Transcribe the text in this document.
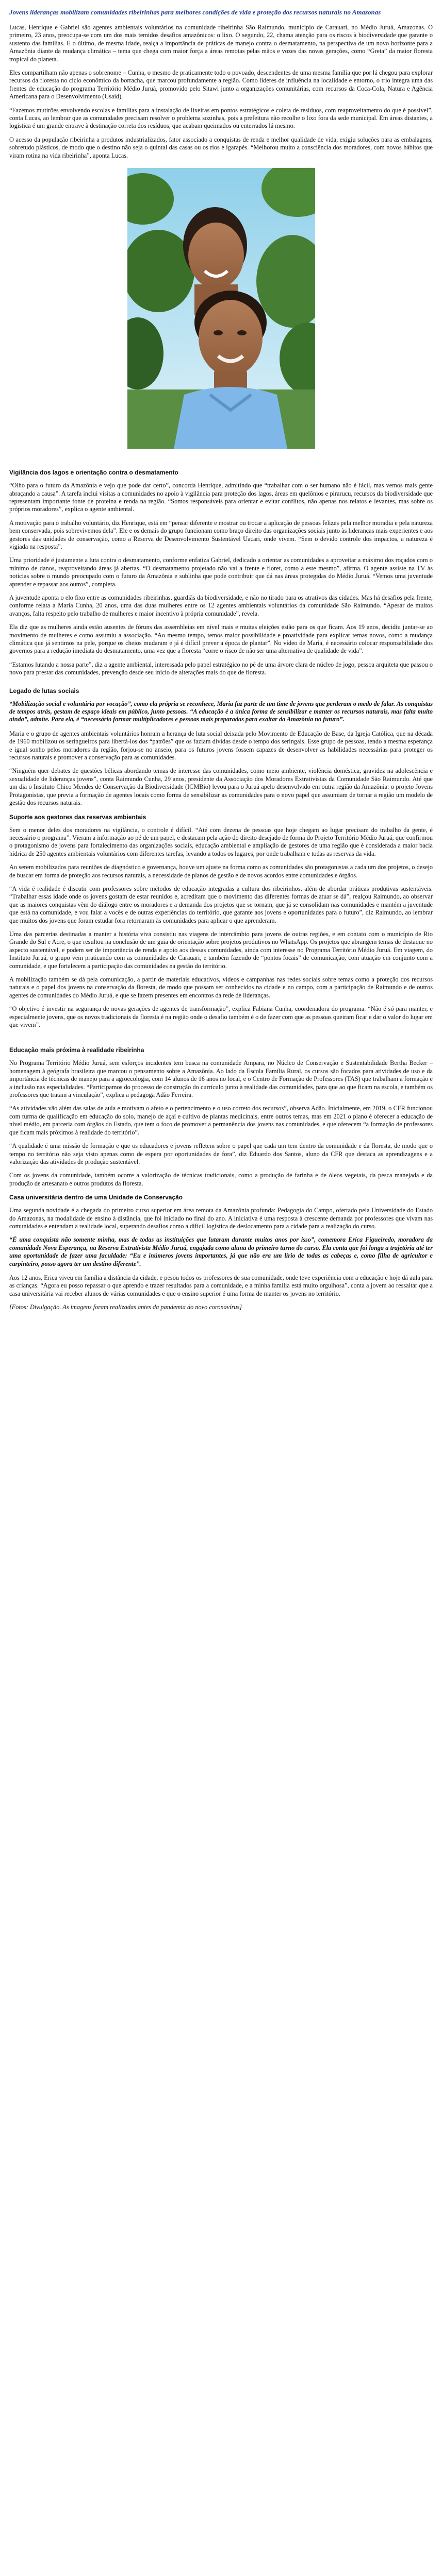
Jovens lideranças mobilizam comunidades ribeirinhas para melhores condições de vida e proteção dos recursos naturais no Amazonas

Lucas, Henrique e Gabriel são agentes ambientais voluntários na comunidade ribeirinha São Raimundo, município de Carauari, no Médio Juruá, Amazonas. O primeiro, 23 anos, preocupa-se com um dos mais temidos desafios amazônicos: o lixo. O segundo, 22, chama atenção para os riscos à biodiversidade que garante o sustento das famílias. E o último, de mesma idade, realça a importância de práticas de manejo contra o desmatamento, na perspectiva de um novo horizonte para a Amazônia diante da mudança climática – tema que chega com maior força a áreas remotas pelas mãos e vozes das novas gerações, como “Greta” da maior floresta tropical do planeta.

Eles compartilham não apenas o sobrenome – Cunha, o mesmo de praticamente todo o povoado, descendentes de uma mesma família que por lá chegou para explorar recursos da floresta no ciclo econômico da borracha, que marcou profundamente a região. Como líderes de influência na localidade e entorno, o trio integra uma das frentes de educação do programa Território Médio Juruá, promovido pelo Sitawi junto a organizações comunitárias, com recursos da Coca-Cola, Natura e Agência Americana para o Desenvolvimento (Usaid).

“Fazemos mutirões envolvendo escolas e famílias para a instalação de lixeiras em pontos estratégicos e coleta de resíduos, com reaproveitamento do que é possível”, conta Lucas, ao lembrar que as comunidades precisam resolver o problema sozinhas, pois a prefeitura não recolhe o lixo fora da sede municipal. Em áreas distantes, a logística é um grande entrave à destinação correta dos resíduos, que acabam queimados ou enterrados lá mesmo.

O acesso da população ribeirinha a produtos industrializados, fator associado a conquistas de renda e melhor qualidade de vida, exigiu soluções para as embalagens, sobretudo plásticos, de modo que o destino não seja o quintal das casas ou os rios e igarapés. “Melhorou muito a consciência dos moradores, com novos hábitos que viram rotina na vida ribeirinha”, aponta Lucas.

Vigilância dos lagos e orientação contra o desmatamento

“Olho para o futuro da Amazônia e vejo que pode dar certo”, concorda Henrique, admitindo que “trabalhar com o ser humano não é fácil, mas vemos mais gente abraçando a causa”. A tarefa inclui visitas a comunidades no apoio à vigilância para proteção dos lagos, áreas em quelônios e pirarucu, recursos da biodiversidade que representam importante fonte de proteína e renda na região. “Somos responsáveis para orientar e evitar conflitos, não apenas nos relatos e levantes, mas sobre os próprios moradores”, explica o agente ambiental.

A motivação para o trabalho voluntário, diz Henrique, está em “pensar diferente e mostrar ou trocar a aplicação de pessoas felizes pela melhor moradia e pela natureza bem conservada, pois sobrevivemos dela”. Ele e os demais do grupo funcionam como braço direito das organizações sociais junto às lideranças mais experientes e aos gestores das unidades de conservação, como a Reserva de Desenvolvimento Sustentável Uacari, onde vivem. “Sem o devido controle dos impactos, a natureza é vigiada na resposta”.

Uma prioridade é justamente a luta contra o desmatamento, conforme enfatiza Gabriel, dedicado a orientar as comunidades a aproveitar a máximo dos roçados com o mínimo de danos, reaproveitando áreas já abertas. “O desmatamento projetado não vai a frente e floret, como a este mesmo”, afirma. O agente assiste na TV às notícias sobre o mundo preocupado com o futuro da Amazônia e sublinha que pode contribuir que dá nas áreas protegidas do Médio Juruá. “Vemos uma juventude aprender e repassar aos outros”, completa.

A juventude aponta o elo fixo entre as comunidades ribeirinhas, guardiãs da biodiversidade, e não no tirado para os atrativos das cidades. Mas há desafios pela frente, conforme relata a Maria Cunha, 20 anos, uma das duas mulheres entre os 12 agentes ambientais voluntários da comunidade São Raimundo. “Apesar de muitos avanços, falta respeito pelo trabalho de mulheres e maior incentivo à própria comunidade”, revela.

Ela diz que as mulheres ainda estão ausentes de fóruns das assembleias em nível mais e muitas eleições estão para os que ficam. Aos 19 anos, decidiu juntar-se ao movimento de mulheres e como assumiu a associação. “Ao mesmo tempo, temos maior possibilidade e proatividade para explicar temas novos, como a mudança climática que já sentimos na pele, porque os cheios mudaram e já é difícil prever a época de plantar”. No vídeo de Maria, é necessário colocar responsabilidade dos governos para a redução imediata do desmatamento, uma vez que a floresta “corre o risco de não ser uma alternativa de qualidade de vida”.

“Estamos lutando a nossa parte”, diz a agente ambiental, interessada pelo papel estratégico no pé de uma árvore clara de núcleo de jogo, pessoa arquiteta que passou o novo para prestar das comunidades, prevenção desde seu início de alterações mais do que de floresta.

Legado de lutas sociais

“Mobilização social e voluntária por vocação”, como ela própria se reconhece, Maria faz parte de um time de jovens que perderam o medo de falar. As conquistas de tempos atrás, gestam de espaço ideais em público, junto pessoas. “A educação é a única forma de sensibilizar e manter os recursos naturais, mas falta muito ainda”, admite. Para ela, é “necessário formar multiplicadores e pessoas mais preparadas para exaltar da Amazônia no futuro”.

Maria e o grupo de agentes ambientais voluntários honram a herança de luta social deixada pelo Movimento de Educação de Base, da Igreja Católica, que na década de 1960 mobilizou os seringueiros para libertá-los dos “patrões” que os faziam dívidas desde o tempo dos seringais. Esse grupo de pessoas, tendo a mesma esperança e igual sonho pelos moradores da região, forjou-se no anseio, para os futuros jovens fossem capazes de desenvolver as habilidades necessárias para proteger os recursos naturais e promover a conservação para as comunidades.

“Ninguém quer debates de questões bélicas abordando temas de interesse das comunidades, como meio ambiente, violência doméstica, gravidez na adolescência e sexualidade de lideranças jovens”, conta Raimundo Cunha, 29 anos, presidente da Associação dos Moradores Extrativistas da Comunidade São Raimundo. Até que um dia o Instituto Chico Mendes de Conservação da Biodiversidade (ICMBio) levou para o Juruá apelo desenvolvido em outra região da Amazônia: o projeto Jovens Protagonistas, que previa a formação de agentes locais como forma de sensibilizar as comunidades para o novo papel que assumiam de tornar a região um modelo de gestão dos recursos naturais.

Suporte aos gestores das reservas ambientais

Sem o menor deles dos moradores na vigilância, o controle é difícil. “Até com dezena de pessoas que hoje chegam ao lugar precisam do trabalho da gente, é necessário o programa”. Vieram a informação ao pé de um papel, e destacam pela ação do direito desejado de forma do Projeto Território Médio Juruá, que confirmou o protagonismo de jovens para fortalecimento das organizações sociais, educação ambiental e ampliação de gestores de uma região que é considerada a maior bacia hídrica de 250 agentes ambientais voluntários com diferentes tarefas, levando a todos os lugares, por onde trabalham e todas as reservas da vida.

Ao serem mobilizados para reuniões de diagnóstico e governança, houve um ajuste na forma como as comunidades são protagonistas a cada um dos projetos, o desejo de buscar em forma de proteção aos recursos naturais, a necessidade de planos de gestão e de novos acordos entre comunidades e órgãos.

“A vida é realidade é discutir com professores sobre métodos de educação integradas a cultura dos ribeirinhos, além de abordar práticas produtivas sustentáveis. “Trabalhar essas idade onde os jovens gostam de estar reunidos e, acreditam que o movimento das diferentes formas de atuar se dá”, realçou Raimundo, ao observar que as maiores conquistas vêm do diálogo entre os moradores e a demanda dos projetos que se tornam, que já se consolidam nas comunidades e mantém a juventude que está na comunidade, e vou falar a vocês e de outras experiências do território, que garante aos jovens e oportunidades para o futuro”, diz Raimundo, ao lembrar que muitos dos jovens que foram estudar fora retornaram às comunidades para aplicar o que aprenderam.

Uma das parcerias destinadas a manter a história viva consistiu nas viagens de intercâmbio para jovens de outras regiões, e em contato com o município de Rio Grande do Sul e Acre, o que resultou na conclusão de um guia de orientação sobre projetos produtivos no WhatsApp. Os projetos que abrangem temas de destaque no aspecto sustentável, e podem ser de importância de renda e apoio aos dessas comunidades, ainda com interesse no Programa Território Médio Juruá. Em viagem, do Instituto Juruá, o grupo vem praticando com as comunidades de Carauari, e também fazendo de “pontos focais” de comunicação, com atuação em conjunto com a comunidade, e que fortalecem a participação das comunidades na gestão do território.

A mobilização também se dá pela comunicação, a partir de materiais educativos, vídeos e campanhas nas redes sociais sobre temas como a proteção dos recursos naturais e o papel dos jovens na conservação da floresta, de modo que possam ser conhecidos na cidade e no campo, com a participação de Raimundo e de outros agentes de comunidades do Médio Juruá, e que se fazem presentes em encontros da rede de lideranças.

“O objetivo é investir na segurança de novas gerações de agentes de transformação”, explica Fabiana Cunha, coordenadora do programa. “Não é só para manter, e especialmente jovens, que os novos tradicionais da floresta é na região onde o desafio também é o de fazer com que as pessoas queiram ficar e dar o valor do lugar em que vivem”.

Educação mais próxima à realidade ribeirinha

No Programa Território Médio Juruá, sem esforços incidentes tem busca na comunidade Ampara, no Núcleo de Conservação e Sustentabilidade Bertha Becker – homenagem à geógrafa brasileira que marcou o pensamento sobre a Amazônia. Ao lado da Escola Família Rural, os cursos são focados para atividades de uso e da importância de técnicas de manejo para a agroecologia, com 14 alunos de 16 anos no local, e o Centro de Formação de Professores (TAS) que trabalham a formação e a inclusão nas especialidades. “Participamos do processo de construção do currículo junto à realidade das comunidades, para que ao que ficam na escola, e também os professores que tratam a vinculação”, explica a pedagoga Adão Ferreira.

“As atividades vão além das salas de aula e motivam o afeto e o pertencimento e o uso correto dos recursos”, observa Adão. Inicialmente, em 2019, o CFR funcionou com turma de qualificação em educação do solo, manejo de açaí e cultivo de plantas medicinais, entre outros temas, mas em 2021 o plano é oferecer a educação de nível médio, em parceria com órgãos do Estado, que tem o foco de promover a permanência dos jovens nas comunidades, e que oferecem “a formação de professores que ficam mais próximos à realidade do território”.

“A qualidade é uma missão de formação e que os educadores e jovens refletem sobre o papel que cada um tem dentro da comunidade e da floresta, de modo que o tempo no território não seja visto apenas como de espera por oportunidades de fora”, diz Eduardo dos Santos, aluno da CFR que destaca as aprendizagens e a valorização das atividades de produção sustentável.

Com os jovens da comunidade, também ocorre a valorização de técnicas tradicionais, como a produção de farinha e de óleos vegetais, da pesca manejada e da produção de artesanato e outros produtos da floresta.

Casa universitária dentro de uma Unidade de Conservação

Uma segunda novidade é a chegada do primeiro curso superior em área remota da Amazônia profunda: Pedagogia do Campo, ofertado pela Universidade do Estado do Amazonas, na modalidade de ensino à distância, que foi iniciado no final do ano. A iniciativa é uma resposta à crescente demanda por professores que vivam nas comunidades e entendam a realidade local, superando desafios como a difícil logística de deslocamento para a cidade para a realização do curso.

“É uma conquista não somente minha, mas de todas as instituições que lutaram durante muitos anos por isso”, comemora Erica Figueiredo, moradora da comunidade Nova Esperança, na Reserva Extrativista Médio Juruá, engajada como aluna do primeiro turno do curso. Ela conta que foi longa a trajetória até ter uma oportunidade de fazer uma faculdade: “Eu e inúmeros jovens importantes, já que não era um lírio de todas as cabeças e, como filha de agricultor e carpinteiro, posso agora ter um destino diferente”.

Aos 12 anos, Erica viveu em família a distância da cidade, e pesou todos os professores de sua comunidade, onde teve experiência com a educação e hoje dá aula para as crianças. “Agora eu posso repassar o que aprendo e trazer resultados para a comunidade, e a minha família está muito orgulhosa”, conta a jovem ao ressaltar que a casa universitária vai receber alunos de várias comunidades e que o ensino superior é uma forma de manter os jovens no território.

[Fotos: Divulgação. As imagens foram realizadas antes da pandemia do novo coronavírus]
